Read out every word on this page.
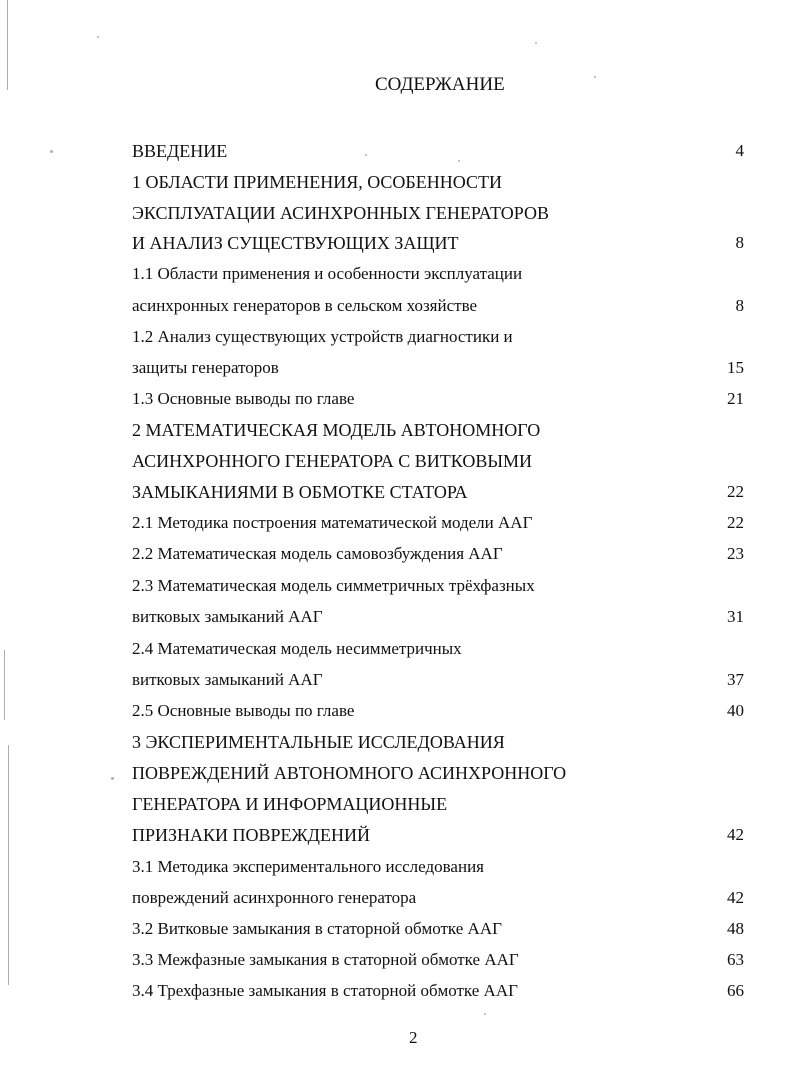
СОДЕРЖАНИЕ
ВВЕДЕНИЕ	4
1 ОБЛАСТИ ПРИМЕНЕНИЯ, ОСОБЕННОСТИ
ЭКСПЛУАТАЦИИ АСИНХРОННЫХ ГЕНЕРАТОРОВ
И АНАЛИЗ СУЩЕСТВУЮЩИХ ЗАЩИТ	8
1.1 Области применения и особенности эксплуатации
асинхронных генераторов в сельском хозяйстве	8
1.2 Анализ существующих устройств диагностики и
защиты генераторов	15
1.3 Основные выводы по главе	21
2 МАТЕМАТИЧЕСКАЯ МОДЕЛЬ АВТОНОМНОГО
АСИНХРОННОГО ГЕНЕРАТОРА С ВИТКОВЫМИ
ЗАМЫКАНИЯМИ В ОБМОТКЕ СТАТОРА	22
2.1 Методика построения математической модели ААГ	22
2.2 Математическая модель самовозбуждения ААГ	23
2.3 Математическая модель симметричных трёхфазных
витковых замыканий ААГ	31
2.4 Математическая модель несимметричных
витковых замыканий ААГ	37
2.5 Основные выводы по главе	40
3 ЭКСПЕРИМЕНТАЛЬНЫЕ ИССЛЕДОВАНИЯ
ПОВРЕЖДЕНИЙ АВТОНОМНОГО АСИНХРОННОГО
ГЕНЕРАТОРА И ИНФОРМАЦИОННЫЕ
ПРИЗНАКИ ПОВРЕЖДЕНИЙ	42
3.1 Методика экспериментального исследования
повреждений асинхронного генератора	42
3.2 Витковые замыкания в статорной обмотке ААГ	48
3.3 Межфазные замыкания в статорной обмотке ААГ	63
3.4 Трехфазные замыкания в статорной обмотке ААГ	66
2
